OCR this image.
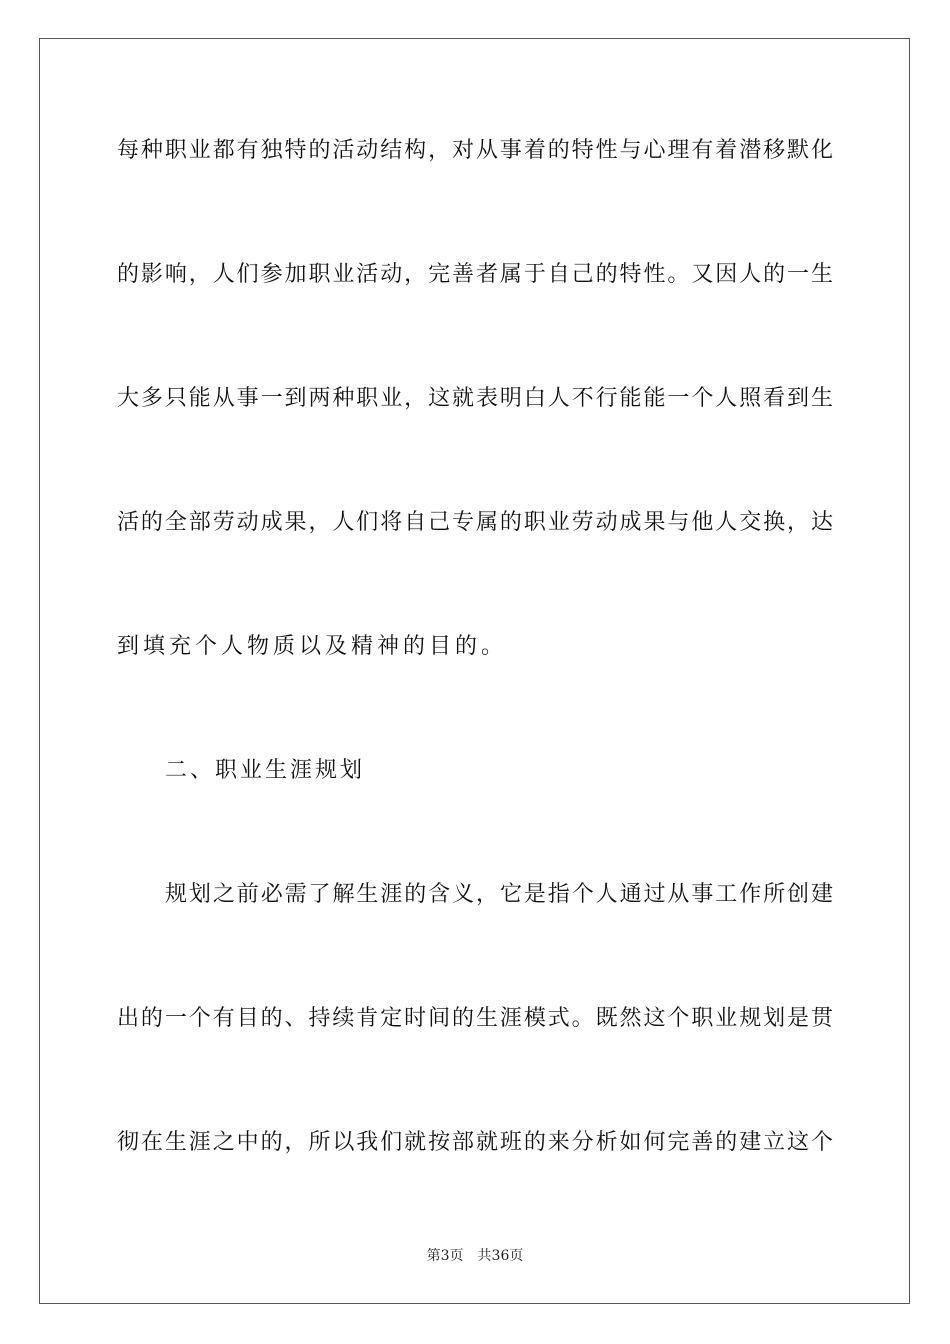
每种职业都有独特的活动结构，对从事着的特性与心理有着潜移默化
的影响，人们参加职业活动，完善者属于自己的特性。又因人的一生
大多只能从事一到两种职业，这就表明白人不行能能一个人照看到生
活的全部劳动成果，人们将自己专属的职业劳动成果与他人交换，达
到填充个人物质以及精神的目的。
二、职业生涯规划
规划之前必需了解生涯的含义，它是指个人通过从事工作所创建
出的一个有目的、持续肯定时间的生涯模式。既然这个职业规划是贯
彻在生涯之中的，所以我们就按部就班的来分析如何完善的建立这个
第3页 共36页
